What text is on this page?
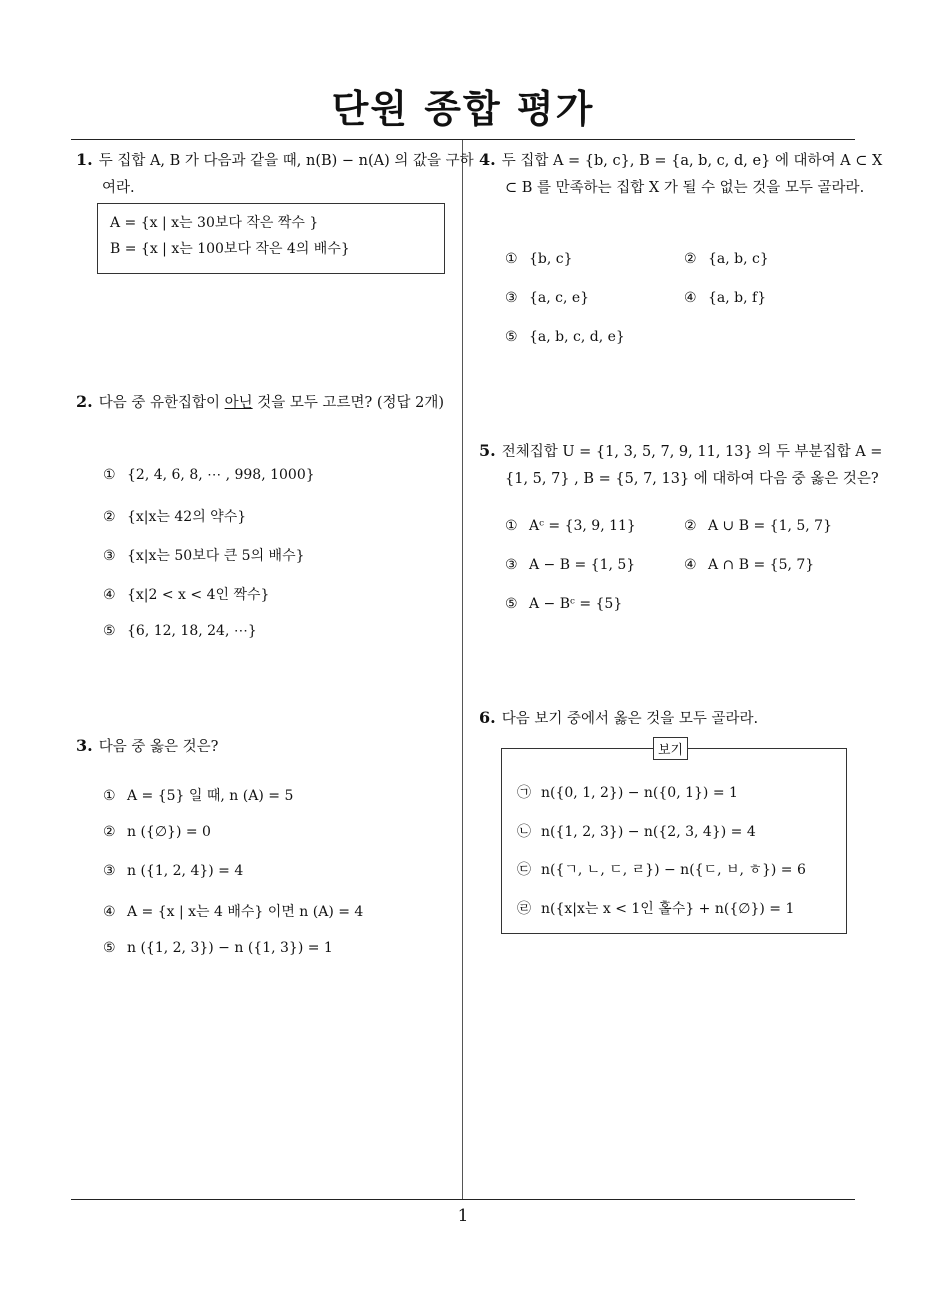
단원 종합 평가
1. 두 집합 A, B 가 다음과 같을 때, n(B) − n(A) 의 값을 구하여라.
A = {x | x는 30보다 작은 짝수 }
B = {x | x는 100보다 작은 4의 배수}
2. 다음 중 유한집합이 아닌 것을 모두 고르면? (정답 2개)
① {2, 4, 6, 8, ⋯ , 998, 1000}
② {x|x는 42의 약수}
③ {x|x는 50보다 큰 5의 배수}
④ {x|2 < x < 4인 짝수}
⑤ {6, 12, 18, 24, ⋯}
3. 다음 중 옳은 것은?
① A = {5} 일 때, n (A) = 5
② n ({∅}) = 0
③ n ({1, 2, 4}) = 4
④ A = {x | x는 4 배수} 이면 n (A) = 4
⑤ n ({1, 2, 3}) − n ({1, 3}) = 1
4. 두 집합 A = {b, c}, B = {a, b, c, d, e} 에 대하여 A ⊂ X ⊂ B 를 만족하는 집합 X 가 될 수 없는 것을 모두 골라라.
① {b, c}	② {a, b, c}
③ {a, c, e}	④ {a, b, f}
⑤ {a, b, c, d, e}
5. 전체집합 U = {1, 3, 5, 7, 9, 11, 13} 의 두 부분집합 A = {1, 5, 7} , B = {5, 7, 13} 에 대하여 다음 중 옳은 것은?
① Aᶜ = {3, 9, 11}	② A ∪ B = {1, 5, 7}
③ A − B = {1, 5}	④ A ∩ B = {5, 7}
⑤ A − Bᶜ = {5}
6. 다음 보기 중에서 옳은 것을 모두 골라라.
보기
㉠ n({0, 1, 2}) − n({0, 1}) = 1
㉡ n({1, 2, 3}) − n({2, 3, 4}) = 4
㉢ n({ㄱ, ㄴ, ㄷ, ㄹ}) − n({ㄷ, ㅂ, ㅎ}) = 6
㉣ n({x|x는 x < 1인 홀수} + n({∅}) = 1
1
